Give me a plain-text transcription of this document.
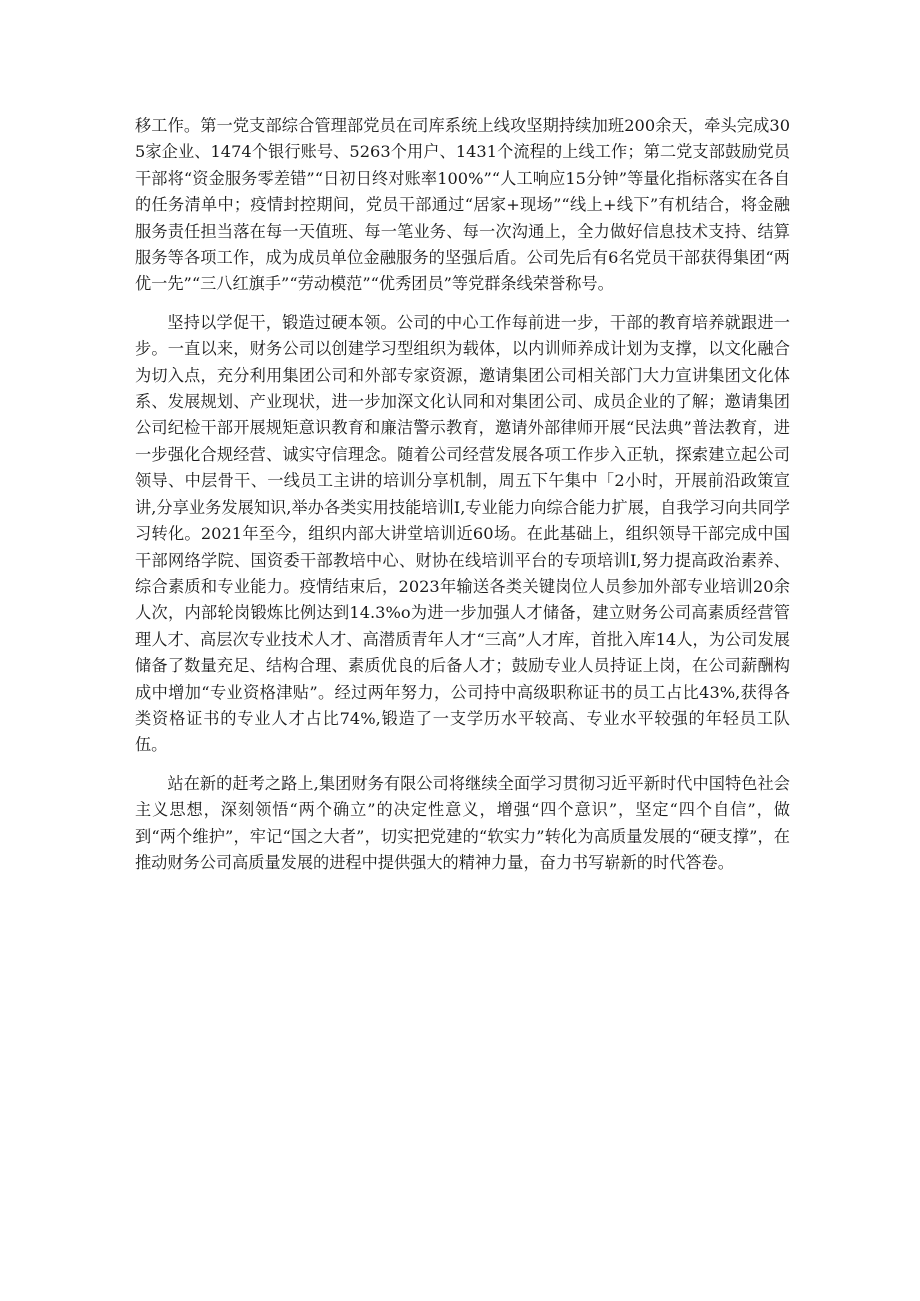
移工作。第一党支部综合管理部党员在司库系统上线攻坚期持续加班200余天，牵头完成305家企业、1474个银行账号、5263个用户、1431个流程的上线工作；第二党支部鼓励党员干部将“资金服务零差错”“日初日终对账率100%”“人工响应15分钟”等量化指标落实在各自的任务清单中；疫情封控期间，党员干部通过“居家+现场”“线上+线下”有机结合，将金融服务责任担当落在每一天值班、每一笔业务、每一次沟通上，全力做好信息技术支持、结算服务等各项工作，成为成员单位金融服务的坚强后盾。公司先后有6名党员干部获得集团“两优一先”“三八红旗手”“劳动模范”“优秀团员”等党群条线荣誉称号。

坚持以学促干，锻造过硬本领。公司的中心工作每前进一步，干部的教育培养就跟进一步。一直以来，财务公司以创建学习型组织为载体，以内训师养成计划为支撑，以文化融合为切入点，充分利用集团公司和外部专家资源，邀请集团公司相关部门大力宣讲集团文化体系、发展规划、产业现状，进一步加深文化认同和对集团公司、成员企业的了解；邀请集团公司纪检干部开展规矩意识教育和廉洁警示教育，邀请外部律师开展“民法典”普法教育，进一步强化合规经营、诚实守信理念。随着公司经营发展各项工作步入正轨，探索建立起公司领导、中层骨干、一线员工主讲的培训分享机制，周五下午集中「2小时，开展前沿政策宣讲,分享业务发展知识,举办各类实用技能培训I,专业能力向综合能力扩展，自我学习向共同学习转化。2021年至今，组织内部大讲堂培训近60场。在此基础上，组织领导干部完成中国干部网络学院、国资委干部教培中心、财协在线培训平台的专项培训I,努力提高政治素养、综合素质和专业能力。疫情结束后，2023年输送各类关键岗位人员参加外部专业培训20余人次，内部轮岗锻炼比例达到14.3%o为进一步加强人才储备，建立财务公司高素质经营管理人才、高层次专业技术人才、高潜质青年人才“三高”人才库，首批入库14人，为公司发展储备了数量充足、结构合理、素质优良的后备人才；鼓励专业人员持证上岗，在公司薪酬构成中增加“专业资格津贴”。经过两年努力，公司持中高级职称证书的员工占比43%,获得各类资格证书的专业人才占比74%,锻造了一支学历水平较高、专业水平较强的年轻员工队伍。

站在新的赶考之路上,集团财务有限公司将继续全面学习贯彻习近平新时代中国特色社会主义思想，深刻领悟“两个确立”的决定性意义，增强“四个意识”，坚定“四个自信”，做到“两个维护”，牢记“国之大者”，切实把党建的“软实力”转化为高质量发展的“硬支撑”，在推动财务公司高质量发展的进程中提供强大的精神力量，奋力书写崭新的时代答卷。
